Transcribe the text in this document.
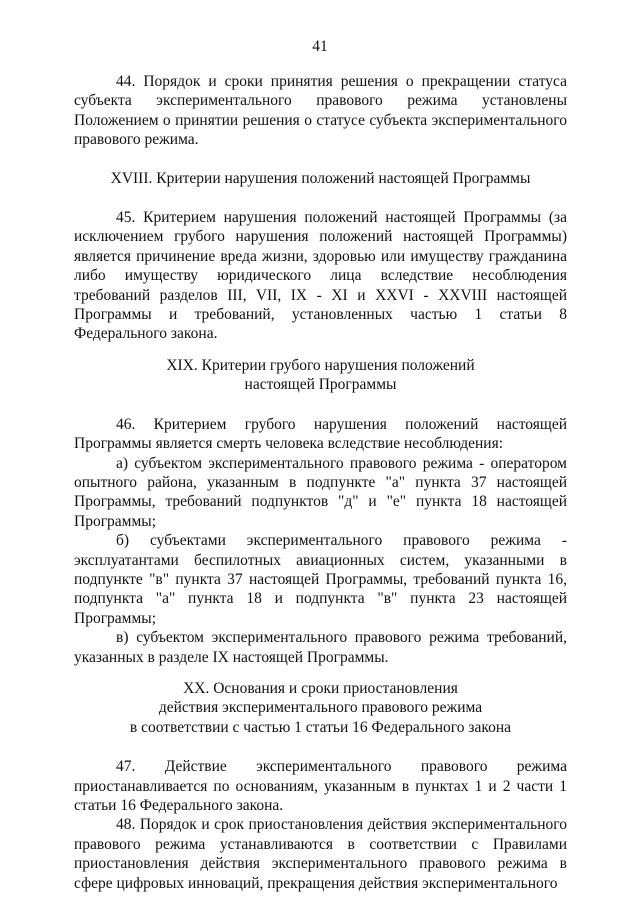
41

44. Порядок и сроки принятия решения о прекращении статуса субъекта экспериментального правового режима установлены Положением о принятии решения о статусе субъекта экспериментального правового режима.

XVIII. Критерии нарушения положений настоящей Программы

45. Критерием нарушения положений настоящей Программы (за исключением грубого нарушения положений настоящей Программы) является причинение вреда жизни, здоровью или имуществу гражданина либо имуществу юридического лица вследствие несоблюдения требований разделов III, VII, IX - XI и XXVI - XXVIII настоящей Программы и требований, установленных частью 1 статьи 8 Федерального закона.

XIX. Критерии грубого нарушения положений
настоящей Программы

46. Критерием грубого нарушения положений настоящей Программы является смерть человека вследствие несоблюдения:

а) субъектом экспериментального правового режима - оператором опытного района, указанным в подпункте "а" пункта 37 настоящей Программы, требований подпунктов "д" и "е" пункта 18 настоящей Программы;

б) субъектами экспериментального правового режима - эксплуатантами беспилотных авиационных систем, указанными в подпункте "в" пункта 37 настоящей Программы, требований пункта 16, подпункта "а" пункта 18 и подпункта "в" пункта 23 настоящей Программы;

в) субъектом экспериментального правового режима требований, указанных в разделе IX настоящей Программы.

XX. Основания и сроки приостановления
действия экспериментального правового режима
в соответствии с частью 1 статьи 16 Федерального закона

47. Действие экспериментального правового режима приостанавливается по основаниям, указанным в пунктах 1 и 2 части 1 статьи 16 Федерального закона.

48. Порядок и срок приостановления действия экспериментального правового режима устанавливаются в соответствии с Правилами приостановления действия экспериментального правового режима в сфере цифровых инноваций, прекращения действия экспериментального
